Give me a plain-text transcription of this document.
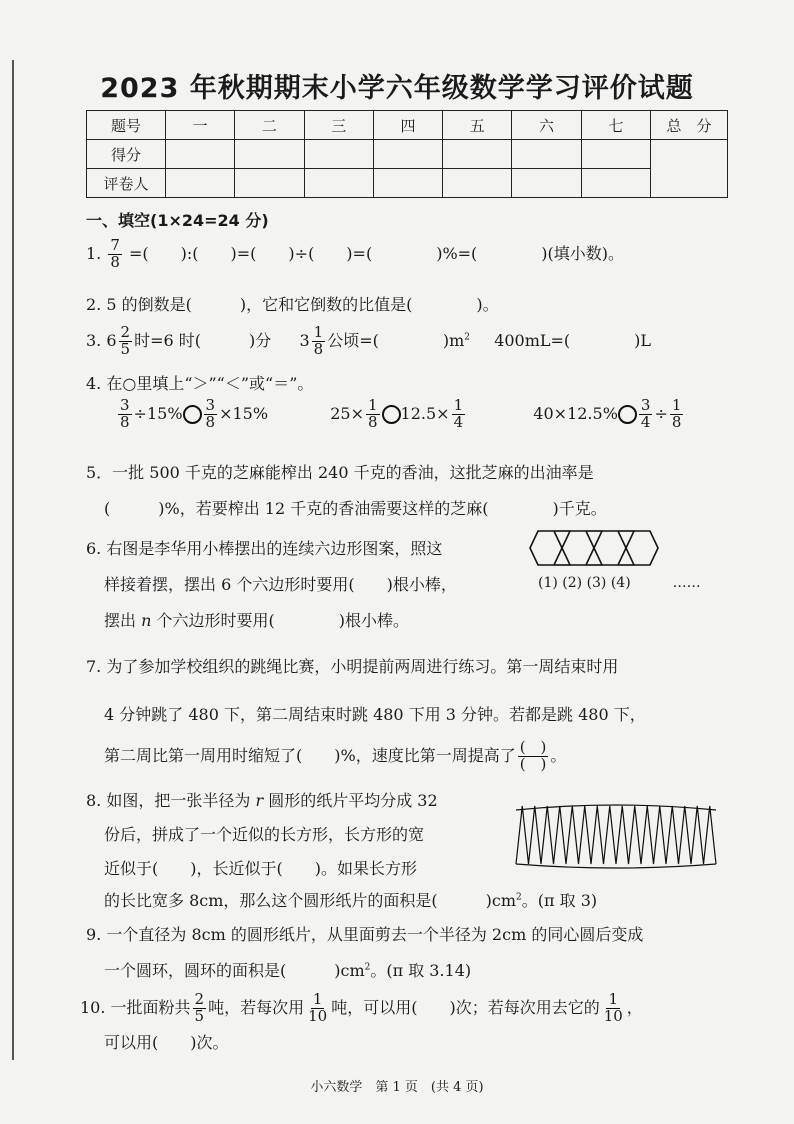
2023 年秋期期末小学六年级数学学习评价试题
题号	一	二	三	四	五	六	七	总　分
得分								
评卷人								
一、填空(1×24=24 分)
1. $\frac{7}{8}$ =(　　):(　　)=(　　)÷(　　)=(　　　　)%=(　　　　)(填小数)。
2. 5 的倒数是(　　　)，它和它倒数的比值是(　　　　)。
3. $6 \frac{2}{5}$ 时=6 时(　　　)分 $3 \frac{1}{8}$ 公顷=(　　　　)$m^2$ 400mL=(　　　　)L
4. 在○里填上“＞”“＜”或“＝”。
$\frac{3}{8} \div 15\% \frac{3}{8} \times 15\%$	$25\times \frac{1}{8} 12.5\times \frac{1}{4}$	$40\times 12.5\% \frac{3}{4} \div \frac{1}{8}$
5．一批 500 千克的芝麻能榨出 240 千克的香油，这批芝麻的出油率是
(　　　)%，若要榨出 12 千克的香油需要这样的芝麻(　　　　)千克。
6. 右图是李华用小棒摆出的连续六边形图案，照这
样接着摆，摆出 6 个六边形时要用(　　)根小棒，
摆出 n 个六边形时要用(　　　　)根小棒。
(1) (2) (3) (4)　　　……
7. 为了参加学校组织的跳绳比赛，小明提前两周进行练习。第一周结束时用
4 分钟跳了 480 下，第二周结束时跳 480 下用 3 分钟。若都是跳 480 下，
第二周比第一周用时缩短了(　　)%，速度比第一周提高了 $\frac{( )}{( )}$ 。
8. 如图，把一张半径为 r 圆形的纸片平均分成 32
份后，拼成了一个近似的长方形，长方形的宽
近似于(　　)，长近似于(　　)。如果长方形
的长比宽多 8cm，那么这个圆形纸片的面积是(　　　)$cm^2$。(π 取 3)
9. 一个直径为 8cm 的圆形纸片，从里面剪去一个半径为 2cm 的同心圆后变成
一个圆环，圆环的面积是(　　　)$cm^2$。(π 取 3.14)
10. 一批面粉共 $\frac{2}{5}$ 吨，若每次用 $\frac{1}{10}$ 吨，可以用(　　)次；若每次用去它的 $\frac{1}{10}$ ，
可以用(　　)次。
小六数学　第 1 页　(共 4 页)
